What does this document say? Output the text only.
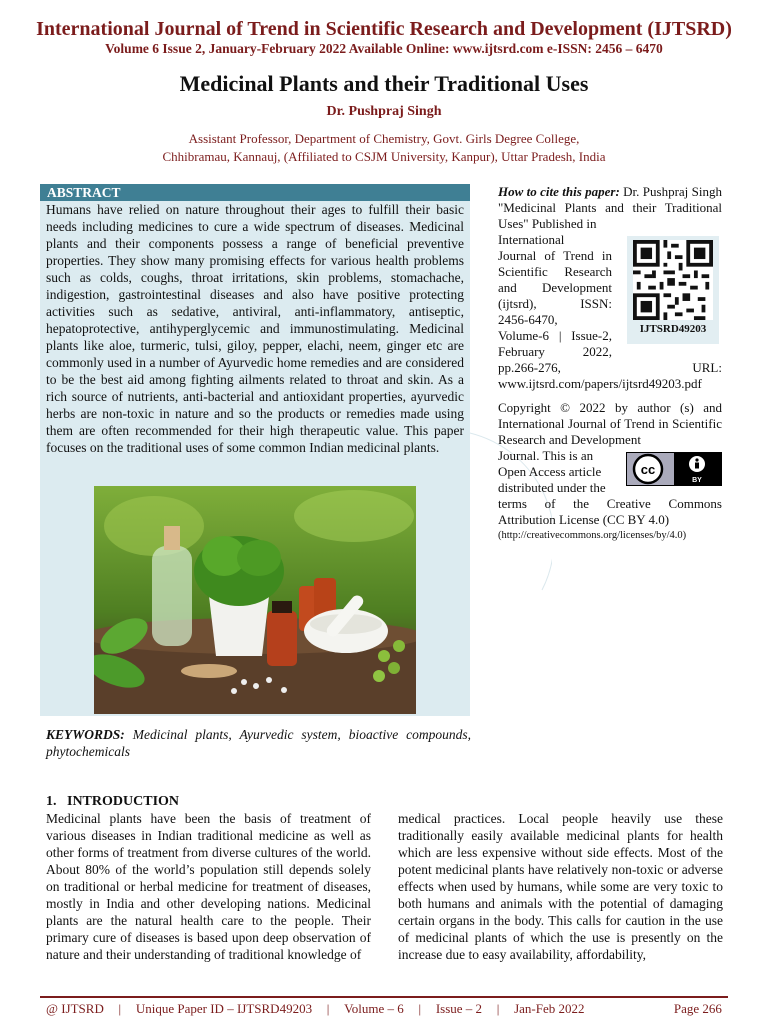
International Journal of Trend in Scientific Research and Development (IJTSRD)
Volume 6 Issue 2, January-February 2022 Available Online: www.ijtsrd.com e-ISSN: 2456 – 6470
Medicinal Plants and their Traditional Uses
Dr. Pushpraj Singh
Assistant Professor, Department of Chemistry, Govt. Girls Degree College,
Chhibramau, Kannauj, (Affiliated to CSJM University, Kanpur), Uttar Pradesh, India
ABSTRACT
Humans have relied on nature throughout their ages to fulfill their basic needs including medicines to cure a wide spectrum of diseases. Medicinal plants and their components possess a range of beneficial preventive properties. They show many promising effects for various health problems such as colds, coughs, throat irritations, skin problems, stomachache, indigestion, gastrointestinal diseases and also have positive protecting activities such as sedative, antiviral, anti-inflammatory, antiseptic, hepatoprotective, antihyperglycemic and immunostimulating. Medicinal plants like aloe, turmeric, tulsi, giloy, pepper, elachi, neem, ginger etc are commonly used in a number of Ayurvedic home remedies and are considered to be the best aid among fighting ailments related to throat and skin. As a rich source of nutrients, anti-bacterial and antioxidant properties, ayurvedic herbs are non-toxic in nature and so the products or remedies made using them are often recommended for their high therapeutic value. This paper focuses on the traditional uses of some common Indian medicinal plants.
KEYWORDS: Medicinal plants, Ayurvedic system, bioactive compounds, phytochemicals
How to cite this paper: Dr. Pushpraj Singh "Medicinal Plants and their Traditional Uses" Published in
International
Journal of Trend in
Scientific Research
and Development
(ijtsrd), ISSN:
2456-6470,
Volume-6 | Issue-2,
February 2022,
pp.266-276,	URL:
www.ijtsrd.com/papers/ijtsrd49203.pdf
IJTSRD49203
Copyright © 2022 by author (s) and International Journal of Trend in Scientific Research and Development
Journal. This is an
Open Access article
distributed under the
terms of the Creative Commons Attribution License (CC BY 4.0)
(http://creativecommons.org/licenses/by/4.0)
cc
BY
1.   INTRODUCTION
Medicinal plants have been the basis of treatment of various diseases in Indian traditional medicine as well as other forms of treatment from diverse cultures of the world. About 80% of the world’s population still depends solely on traditional or herbal medicine for treatment of diseases, mostly in India and other developing nations. Medicinal plants are the natural health care to the people. Their primary cure of diseases is based upon deep observation of nature and their understanding of traditional knowledge of
medical practices. Local people heavily use these traditionally easily available medicinal plants for health which are less expensive without side effects. Most of the potent medicinal plants have relatively non-toxic or adverse effects when used by humans, while some are very toxic to both humans and animals with the potential of damaging certain organs in the body. This calls for caution in the use of medicinal plants of which the use is presently on the increase due to easy availability, affordability,
@ IJTSRD | Unique Paper ID – IJTSRD49203 | Volume – 6 | Issue – 2 | Jan-Feb 2022	Page 266
